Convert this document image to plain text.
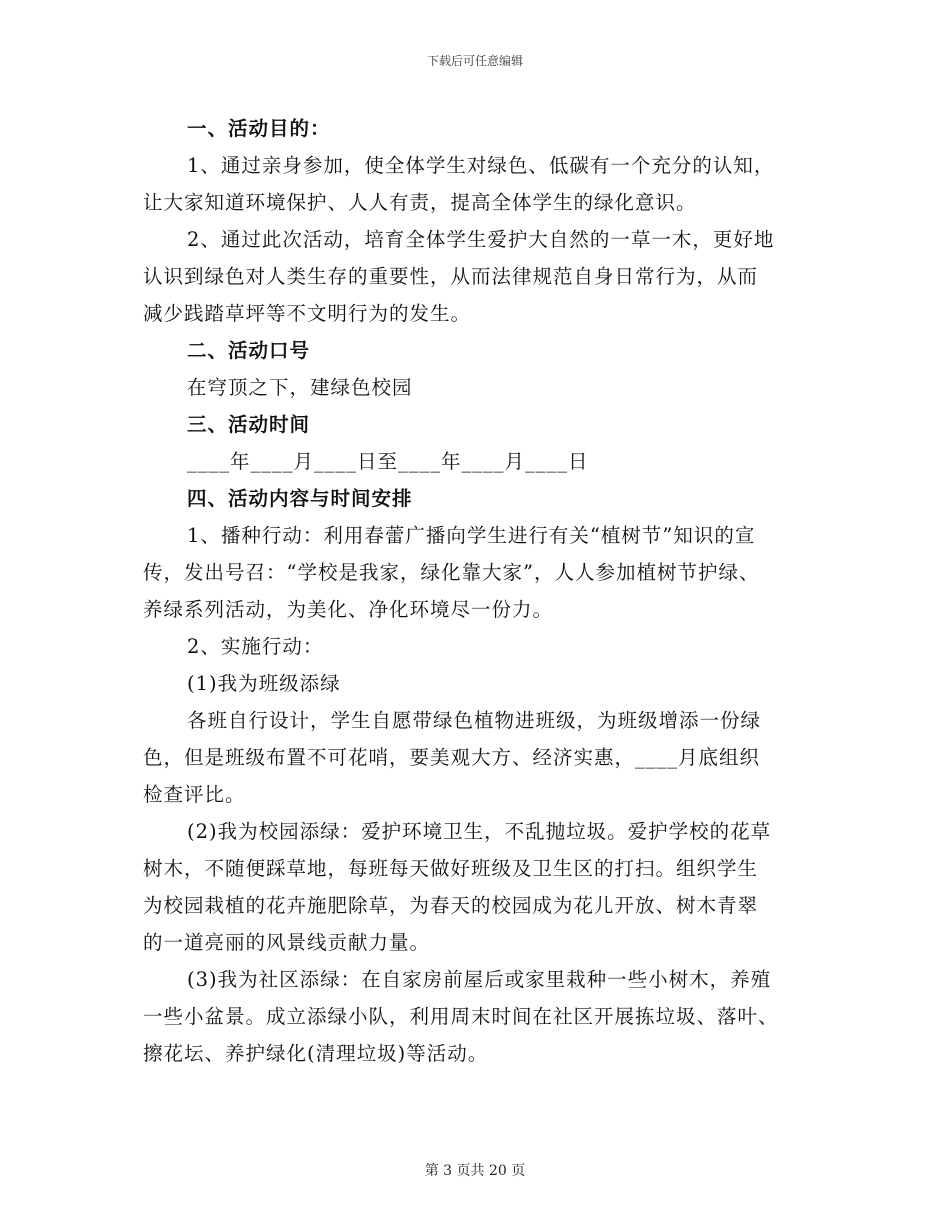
下载后可任意编辑
一、活动目的：
1、通过亲身参加，使全体学生对绿色、低碳有一个充分的认知，
让大家知道环境保护、人人有责，提高全体学生的绿化意识。
2、通过此次活动，培育全体学生爱护大自然的一草一木，更好地
认识到绿色对人类生存的重要性，从而法律规范自身日常行为，从而
减少践踏草坪等不文明行为的发生。
二、活动口号
在穹顶之下，建绿色校园
三、活动时间
____年____月____日至____年____月____日
四、活动内容与时间安排
1、播种行动：利用春蕾广播向学生进行有关“植树节”知识的宣
传，发出号召：“学校是我家，绿化靠大家”，人人参加植树节护绿、
养绿系列活动，为美化、净化环境尽一份力。
2、实施行动：
(1)我为班级添绿
各班自行设计，学生自愿带绿色植物进班级，为班级增添一份绿
色，但是班级布置不可花哨，要美观大方、经济实惠，____月底组织
检查评比。
(2)我为校园添绿：爱护环境卫生，不乱抛垃圾。爱护学校的花草
树木，不随便踩草地，每班每天做好班级及卫生区的打扫。组织学生
为校园栽植的花卉施肥除草，为春天的校园成为花儿开放、树木青翠
的一道亮丽的风景线贡献力量。
(3)我为社区添绿：在自家房前屋后或家里栽种一些小树木，养殖
一些小盆景。成立添绿小队，利用周末时间在社区开展拣垃圾、落叶、
擦花坛、养护绿化(清理垃圾)等活动。
第 3 页共 20 页
